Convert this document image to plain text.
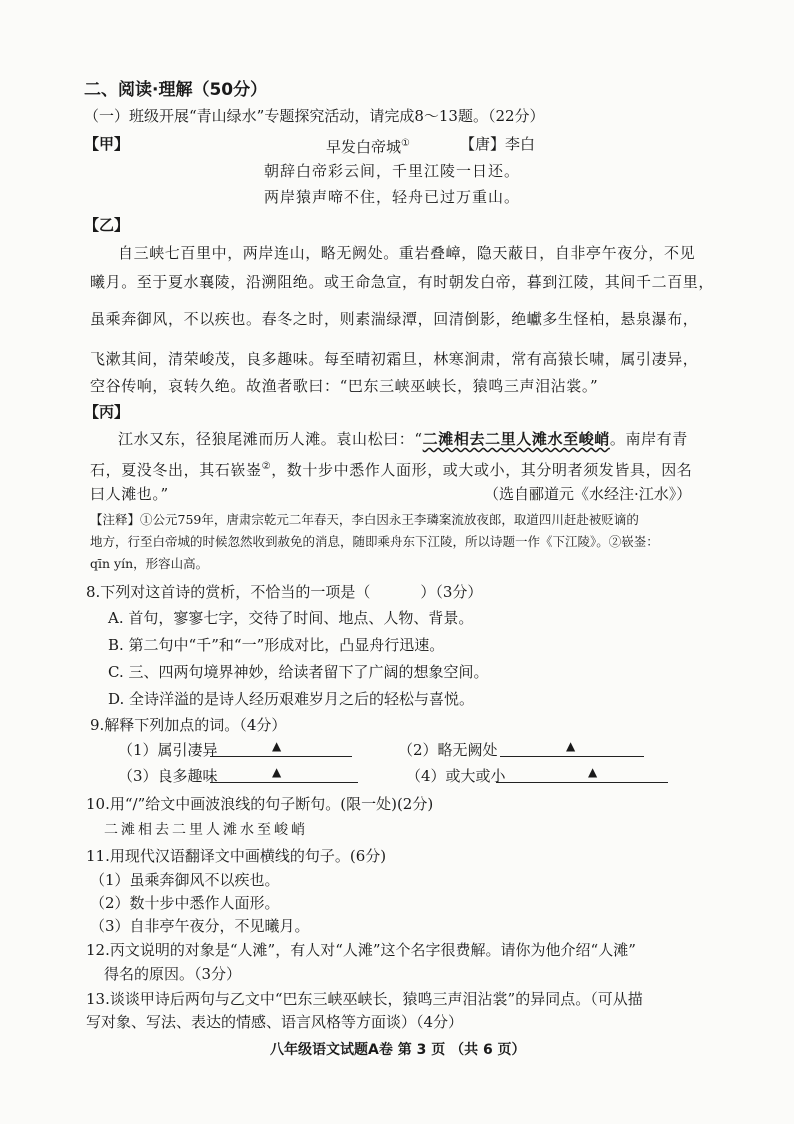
二、阅读·理解（50分）
（一）班级开展“青山绿水”专题探究活动，请完成8～13题。（22分）
【甲】	早发白帝城①	【唐】李白
朝辞白帝彩云间，千里江陵一日还。
两岸猿声啼不住，轻舟已过万重山。
【乙】
自三峡七百里中，两岸连山，略无阙处。重岩叠嶂，隐天蔽日，自非亭午夜分，不见
曦月。至于夏水襄陵，沿溯阻绝。或王命急宣，有时朝发白帝，暮到江陵，其间千二百里，
虽乘奔御风，不以疾也。春冬之时，则素湍绿潭，回清倒影，绝巘多生怪柏，悬泉瀑布，
飞漱其间，清荣峻茂，良多趣味。每至晴初霜旦，林寒涧肃，常有高猿长啸，属引凄异，
空谷传响，哀转久绝。故渔者歌曰：“巴东三峡巫峡长，猿鸣三声泪沾裳。”
【丙】
江水又东，径狼尾滩而历人滩。袁山松曰：“二滩相去二里人滩水至峻峭。南岸有青
石，夏没冬出，其石嵚崟②，数十步中悉作人面形，或大或小，其分明者须发皆具，因名
曰人滩也。”	（选自郦道元《水经注·江水》）
【注释】①公元759年，唐肃宗乾元二年春天，李白因永王李璘案流放夜郎，取道四川赶赴被贬谪的
地方，行至白帝城的时候忽然收到赦免的消息，随即乘舟东下江陵，所以诗题一作《下江陵》。②嵚崟：
qīn yín，形容山高。
8.下列对这首诗的赏析，不恰当的一项是（	）（3分）
A. 首句，寥寥七字，交待了时间、地点、人物、背景。
B. 第二句中“千”和“一”形成对比，凸显舟行迅速。
C. 三、四两句境界神妙，给读者留下了广阔的想象空间。
D. 全诗洋溢的是诗人经历艰难岁月之后的轻松与喜悦。
9.解释下列加点的词。（4分）
（1）属引凄异	▲	（2）略无阙处	▲
（3）良多趣味	▲	（4）或大或小	▲
10.用“/”给文中画波浪线的句子断句。(限一处)(2分)
二滩相去二里人滩水至峻峭
11.用现代汉语翻译文中画横线的句子。(6分)
（1）虽乘奔御风不以疾也。
（2）数十步中悉作人面形。
（3）自非亭午夜分，不见曦月。
12.丙文说明的对象是“人滩”，有人对“人滩”这个名字很费解。请你为他介绍“人滩”
得名的原因。（3分）
13.谈谈甲诗后两句与乙文中“巴东三峡巫峡长，猿鸣三声泪沾裳”的异同点。（可从描
写对象、写法、表达的情感、语言风格等方面谈）（4分）
八年级语文试题A卷 第 3 页 （共 6 页）
